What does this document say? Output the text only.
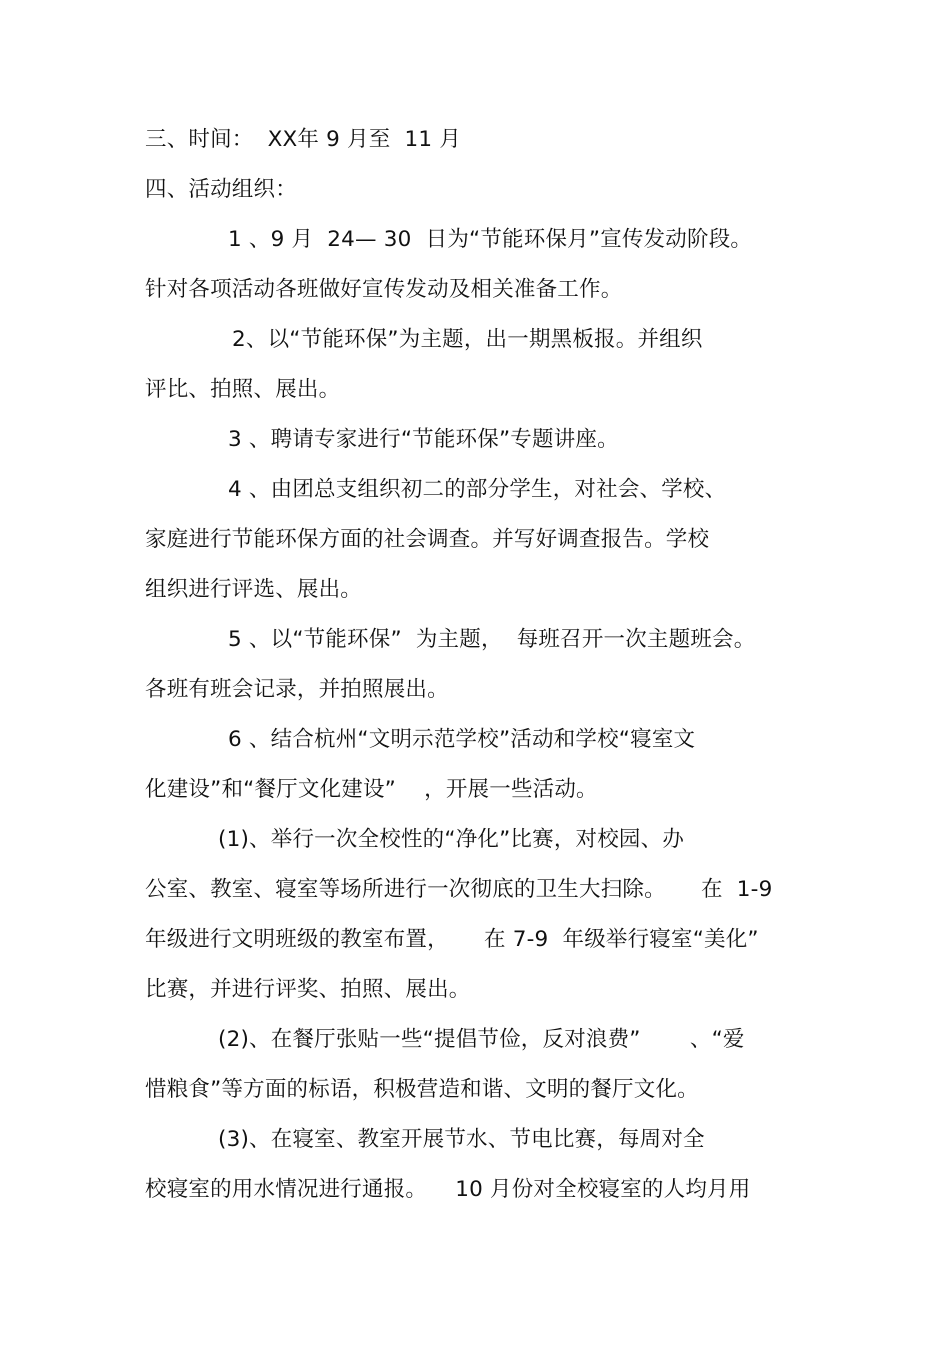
三、时间：  XX年 9 月至  11 月
四、活动组织：
1 、9 月  24— 30  日为“节能环保月”宣传发动阶段。
针对各项活动各班做好宣传发动及相关准备工作。
2、以“节能环保”为主题，出一期黑板报。并组织
评比、拍照、展出。
3 、聘请专家进行“节能环保”专题讲座。
4 、由团总支组织初二的部分学生，对社会、学校、
家庭进行节能环保方面的社会调查。并写好调查报告。学校
组织进行评选、展出。
5 、以“节能环保”  为主题，  每班召开一次主题班会。
各班有班会记录，并拍照展出。
6 、结合杭州“文明示范学校”活动和学校“寝室文
化建设”和“餐厅文化建设”    ，开展一些活动。
(1)、举行一次全校性的“净化”比赛，对校园、办
公室、教室、寝室等场所进行一次彻底的卫生大扫除。     在  1-9
年级进行文明班级的教室布置，     在 7-9  年级举行寝室“美化”
比赛，并进行评奖、拍照、展出。
(2)、在餐厅张贴一些“提倡节俭，反对浪费”       、“爱
惜粮食”等方面的标语，积极营造和谐、文明的餐厅文化。
(3)、在寝室、教室开展节水、节电比赛，每周对全
校寝室的用水情况进行通报。    10 月份对全校寝室的人均月用
